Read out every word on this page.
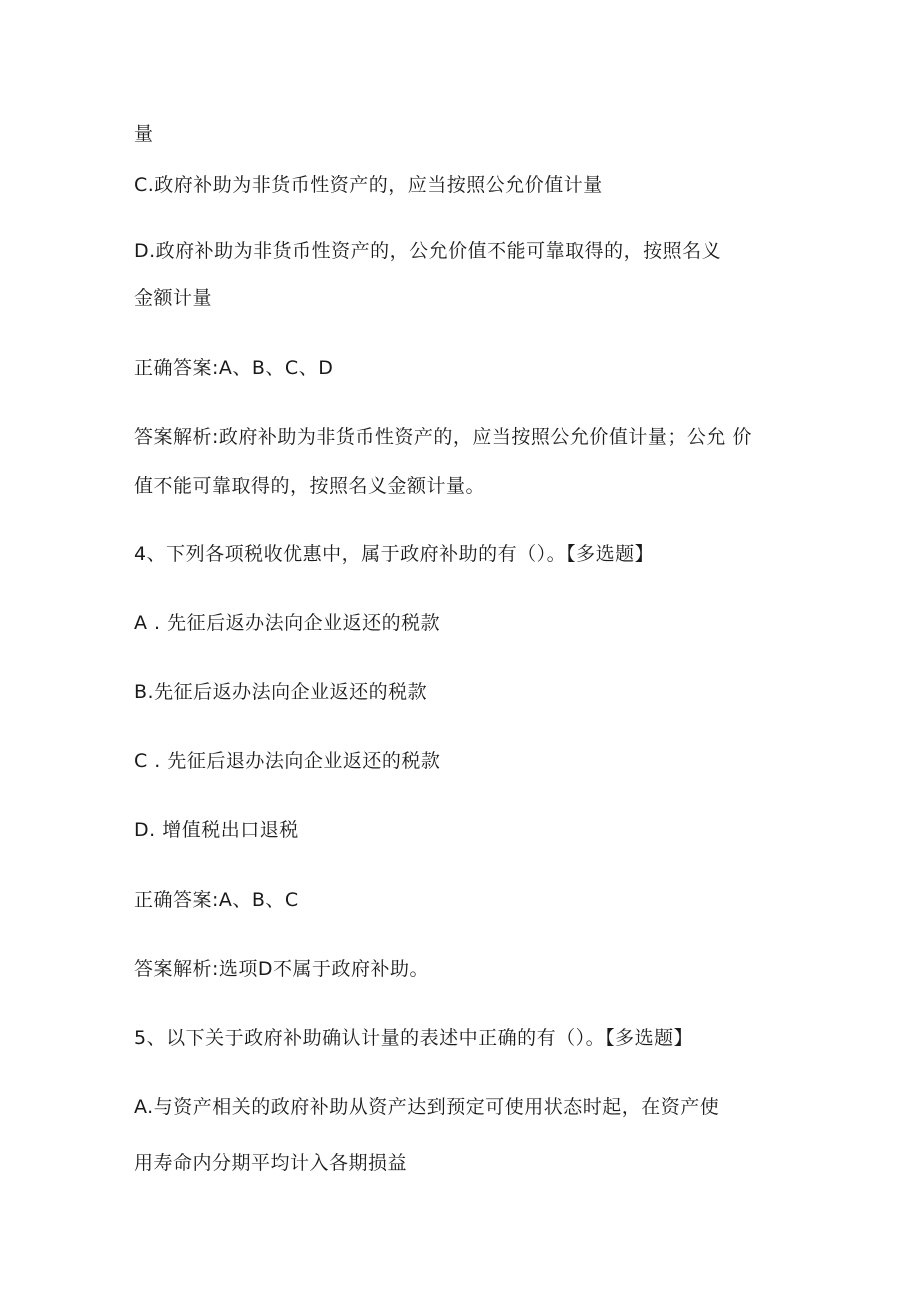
量
C.政府补助为非货币性资产的，应当按照公允价值计量
D.政府补助为非货币性资产的，公允价值不能可靠取得的，按照名义
金额计量
正确答案:A、B、C、D
答案解析:政府补助为非货币性资产的，应当按照公允价值计量；公允 价
值不能可靠取得的，按照名义金额计量。
4、下列各项税收优惠中，属于政府补助的有（）。【多选题】
A . 先征后返办法向企业返还的税款
B.先征后返办法向企业返还的税款
C . 先征后退办法向企业返还的税款
D. 增值税出口退税
正确答案:A、B、C
答案解析:选项D不属于政府补助。
5、以下关于政府补助确认计量的表述中正确的有（）。【多选题】
A.与资产相关的政府补助从资产达到预定可使用状态时起，在资产使
用寿命内分期平均计入各期损益
